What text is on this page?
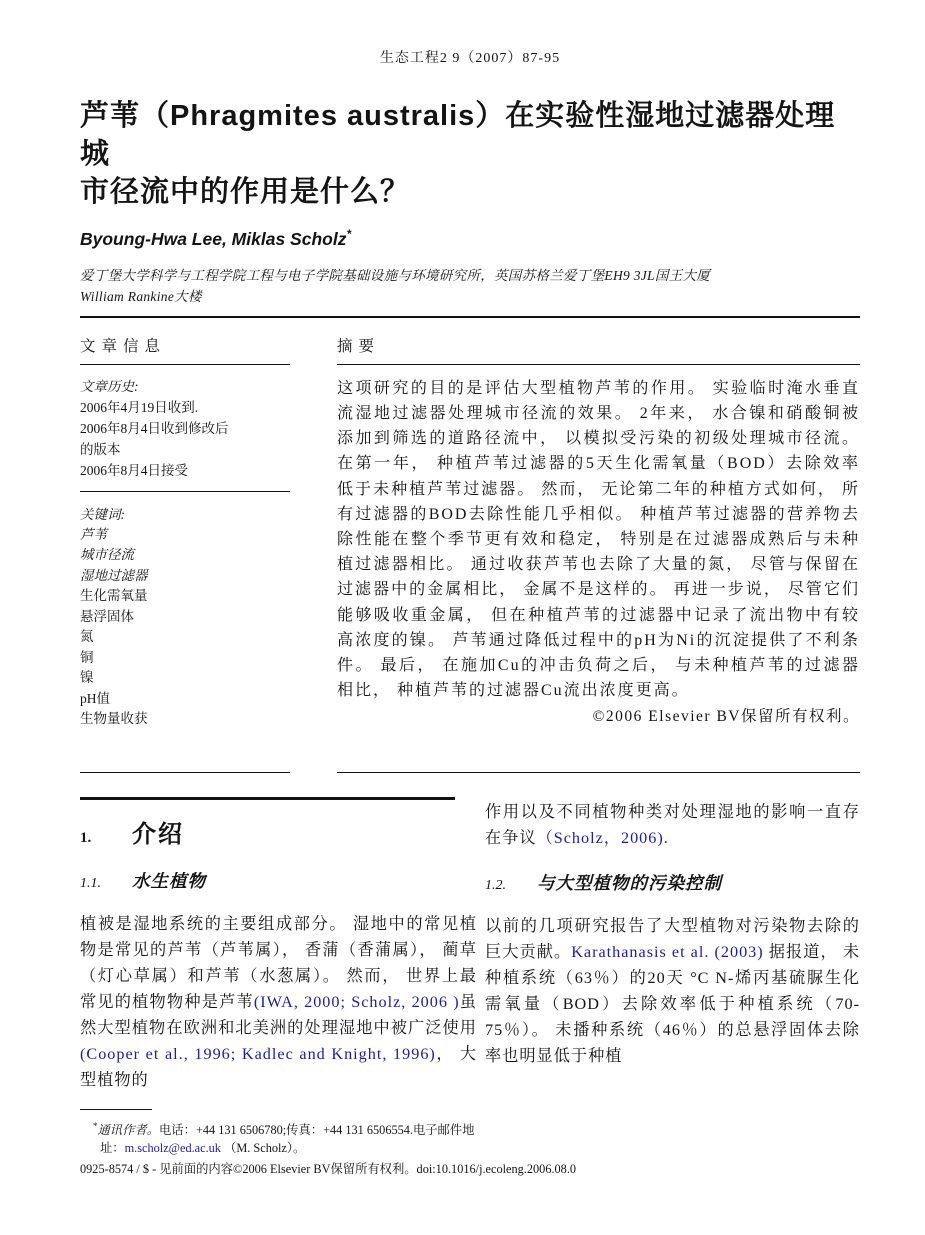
生态工程2 9（2007）87-95
芦苇（Phragmites australis）在实验性湿地过滤器处理城
市径流中的作用是什么？
Byoung-Hwa Lee, Miklas Scholz*
爱丁堡大学科学与工程学院工程与电子学院基础设施与环境研究所，英国苏格兰爱丁堡EH9 3JL国王大厦
William Rankine大楼
文章信息
文章历史:
2006年4月19日收到.
2006年8月4日收到修改后
的版本
2006年8月4日接受
关键词:
芦苇
城市径流
湿地过滤器
生化需氧量
悬浮固体
氮
铜
镍
pH值
生物量收获
摘要

这项研究的目的是评估大型植物芦苇的作用。 实验临时淹水垂直流湿地过滤器处理城市径流的效果。 2年来， 水合镍和硝酸铜被添加到筛选的道路径流中， 以模拟受污染的初级处理城市径流。 在第一年， 种植芦苇过滤器的5天生化需氧量（BOD）去除效率低于未种植芦苇过滤器。 然而， 无论第二年的种植方式如何， 所有过滤器的BOD去除性能几乎相似。 种植芦苇过滤器的营养物去除性能在整个季节更有效和稳定， 特别是在过滤器成熟后与未种植过滤器相比。 通过收获芦苇也去除了大量的氮， 尽管与保留在过滤器中的金属相比， 金属不是这样的。 再进一步说， 尽管它们能够吸收重金属， 但在种植芦苇的过滤器中记录了流出物中有较高浓度的镍。 芦苇通过降低过程中的pH为Ni的沉淀提供了不利条件。 最后， 在施加Cu的冲击负荷之后， 与未种植芦苇的过滤器相比， 种植芦苇的过滤器Cu流出浓度更高。

©2006 Elsevier BV保留所有权利。
1.	介绍
1.1.	水生植物

植被是湿地系统的主要组成部分。 湿地中的常见植物是常见的芦苇（芦苇属）， 香蒲（香蒲属）， 蔺草（灯心草属）和芦苇（水葱属）。 然而， 世界上最常见的植物物种是芦苇(IWA, 2000; Scholz, 2006 )虽然大型植物在欧洲和北美洲的处理湿地中被广泛使用(Cooper et al., 1996; Kadlec and Knight, 1996)， 大型植物的

作用以及不同植物种类对处理湿地的影响一直存在争议（Scholz，2006).

1.2.	与大型植物的污染控制

以前的几项研究报告了大型植物对污染物去除的巨大贡献。Karathanasis et al. (2003) 据报道， 未种植系统（63％）的20天 °C N-烯丙基硫脲生化需氧量（BOD）去除效率低于种植系统（70-75％）。 未播种系统（46％）的总悬浮固体去除率也明显低于种植

*通讯作者。电话：+44 131 6506780;传真：+44 131 6506554.电子邮件地
址：m.scholz@ed.ac.uk （M. Scholz）。
0925-8574 / $ - 见前面的内容©2006 Elsevier BV保留所有权利。doi:10.1016/j.ecoleng.2006.08.0
